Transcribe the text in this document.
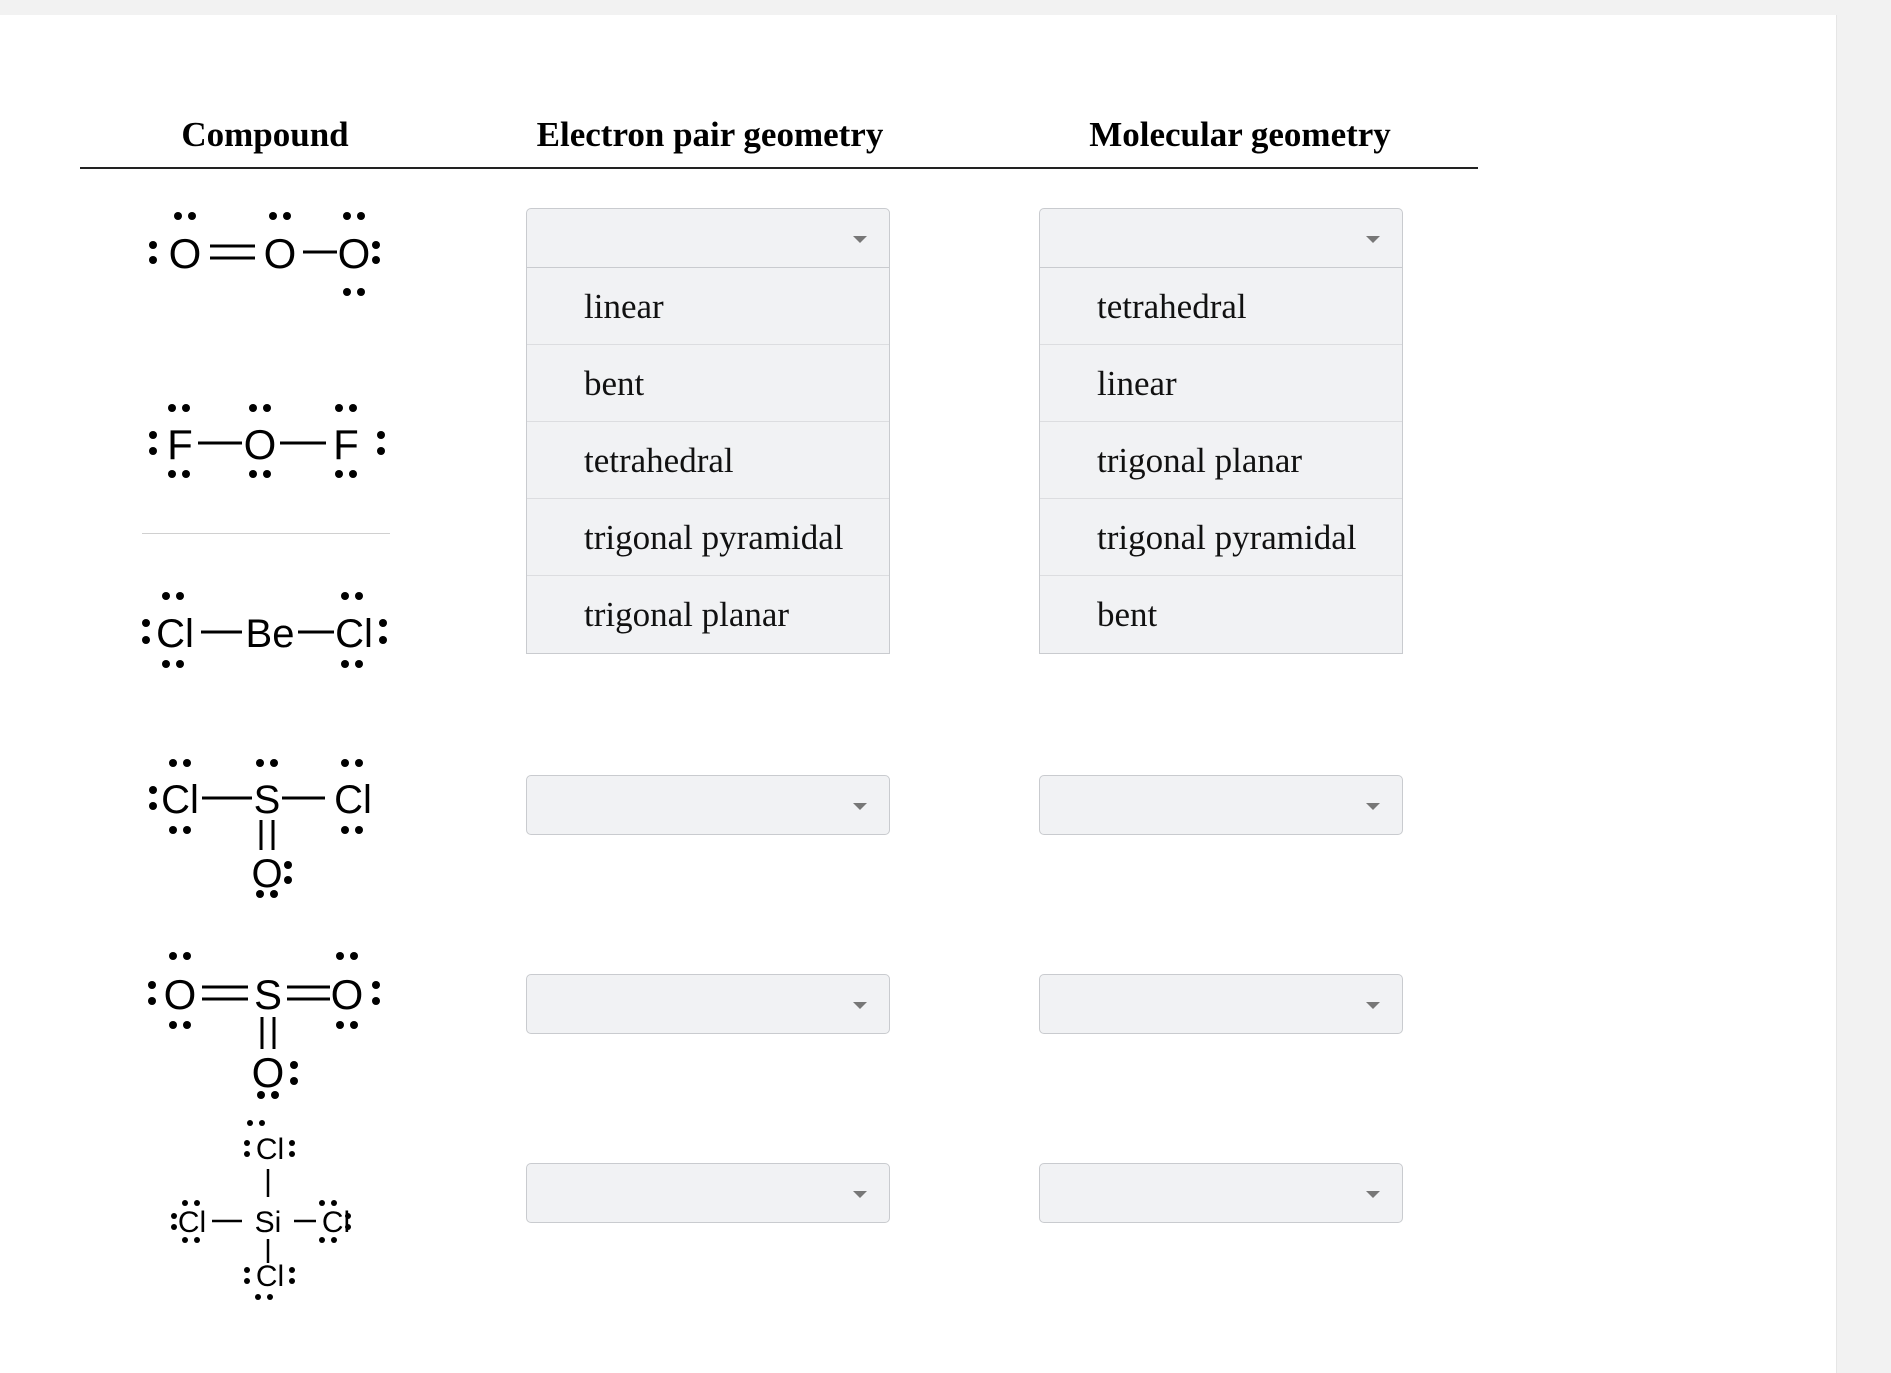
Compound	Electron pair geometry	Molecular geometry
O O O
F O F
Cl Be Cl
Cl S Cl
O
O S O
O
Cl
Cl Si Cl
Cl
linear
bent
tetrahedral
trigonal pyramidal
trigonal planar
tetrahedral
linear
trigonal planar
trigonal pyramidal
bent
